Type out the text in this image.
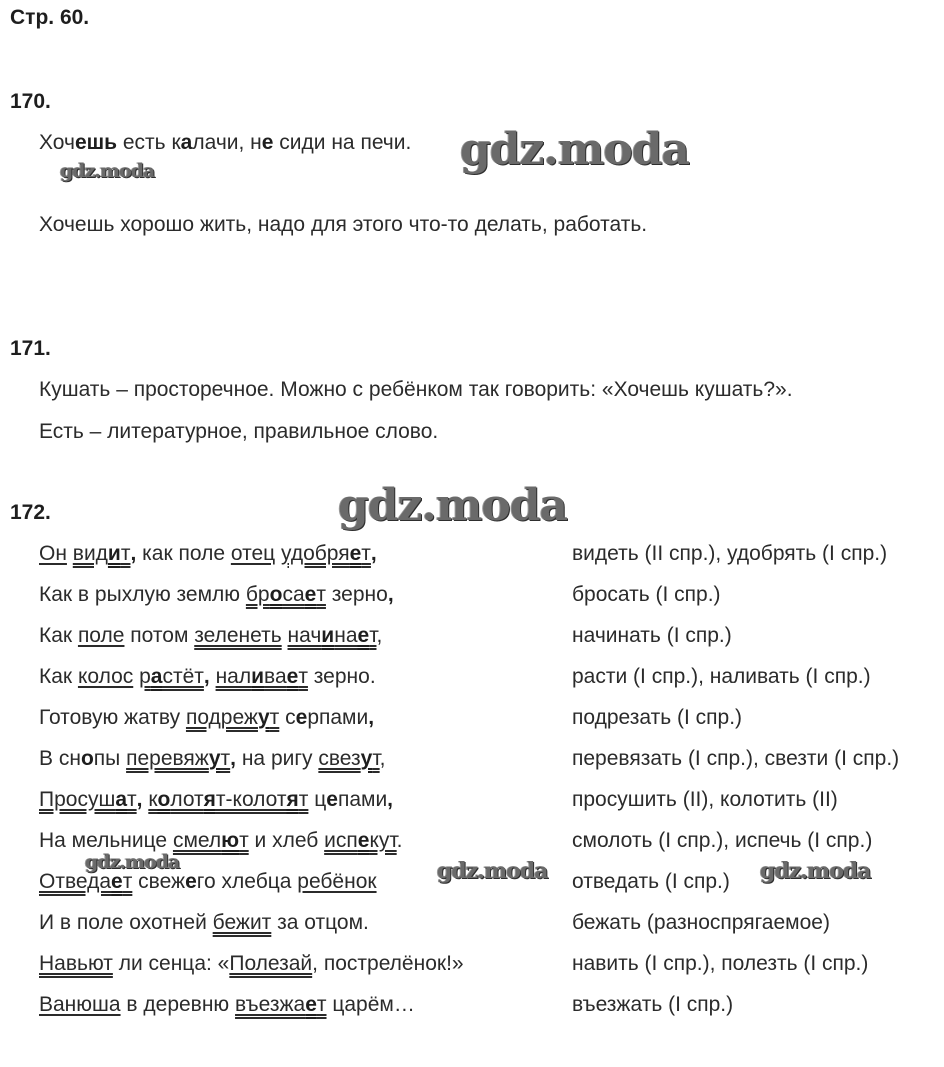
Стр. 60.
170.
Хочешь есть калачи, не сиди на печи. gdz.moda
gdz.moda
Хочешь хорошо жить, надо для этого что-то делать, работать.
171.
Кушать – просторечное. Можно с ребёнком так говорить: «Хочешь кушать?».
Есть – литературное, правильное слово.
172.	gdz.moda
Он видит, как поле отец удобряет,	видеть (II спр.), удобрять (I спр.)
Как в рыхлую землю бросает зерно,	бросать (I спр.)
Как поле потом зеленеть начинает,	начинать (I спр.)
Как колос растёт, наливает зерно.	расти (I спр.), наливать (I спр.)
Готовую жатву подрежут серпами,	подрезать (I спр.)
В снопы перевяжут, на ригу свезут,	перевязать (I спр.), свезти (I спр.)
Просушат, колотят-колотят цепами,	просушить (II), колотить (II)
На мельнице смелют и хлеб испекут.	смолоть (I спр.), испечь (I спр.)
Отведает свежего хлебца ребёнок	отведать (I спр.)
И в поле охотней бежит за отцом.	бежать (разноспрягаемое)
Навьют ли сенца: «Полезай, пострелёнок!»	навить (I спр.), полезть (I спр.)
Ванюша в деревню въезжает царём…	въезжать (I спр.)
gdz.moda	gdz.moda	gdz.moda
